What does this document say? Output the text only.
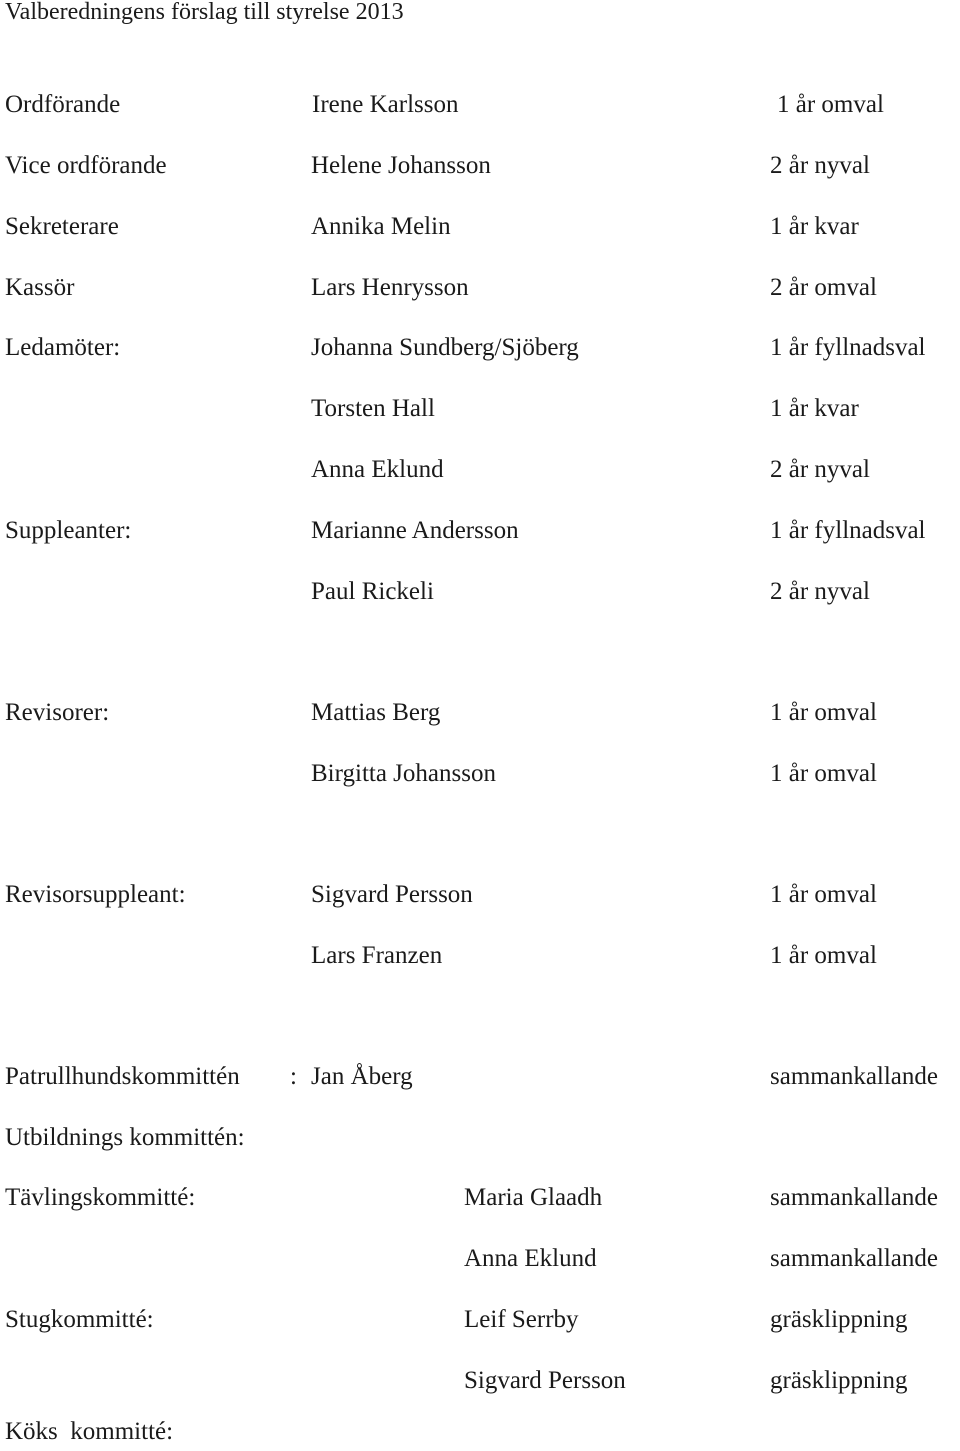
Valberedningens förslag till styrelse 2013
Ordförande	Irene Karlsson	1 år omval
Vice ordförande	Helene Johansson	2 år nyval
Sekreterare	Annika Melin	1 år kvar
Kassör	Lars Henrysson	2 år omval
Ledamöter:	Johanna Sundberg/Sjöberg	1 år fyllnadsval
Torsten Hall	1 år kvar
Anna Eklund	2 år nyval
Suppleanter:	Marianne Andersson	1 år fyllnadsval
Paul Rickeli	2 år nyval
Revisorer:	Mattias Berg	1 år omval
Birgitta Johansson	1 år omval
Revisorsuppleant:	Sigvard Persson	1 år omval
Lars Franzen	1 år omval
Patrullhundskommittén : Jan Åberg	sammankallande
Utbildnings kommittén:
Tävlingskommitté:	Maria Glaadh	sammankallande
Anna Eklund	sammankallande
Stugkommitté:	Leif Serrby	gräsklippning
Sigvard Persson	gräsklippning
Köks  kommitté:
